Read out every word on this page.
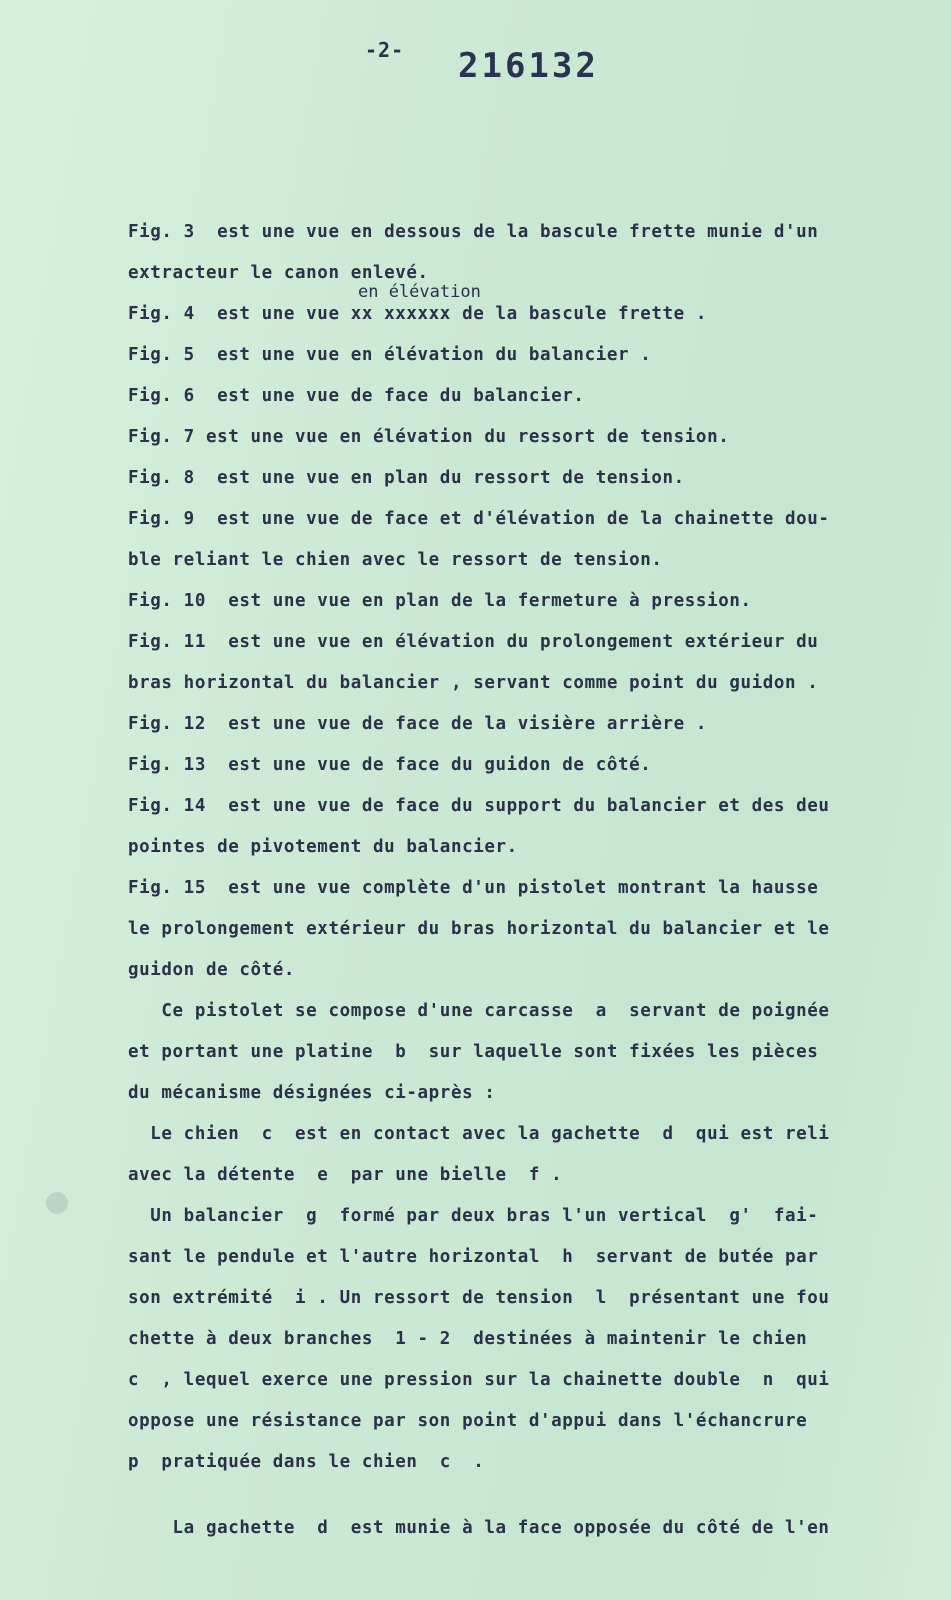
-2- 216132
en élévation
Fig. 3  est une vue en dessous de la bascule frette munie d'un
extracteur le canon enlevé.
Fig. 4  est une vue xx xxxxxx de la bascule frette .
Fig. 5  est une vue en élévation du balancier .
Fig. 6  est une vue de face du balancier.
Fig. 7 est une vue en élévation du ressort de tension.
Fig. 8  est une vue en plan du ressort de tension.
Fig. 9  est une vue de face et d'élévation de la chainette dou-
ble reliant le chien avec le ressort de tension.
Fig. 10  est une vue en plan de la fermeture à pression.
Fig. 11  est une vue en élévation du prolongement extérieur du
bras horizontal du balancier , servant comme point du guidon .
Fig. 12  est une vue de face de la visière arrière .
Fig. 13  est une vue de face du guidon de côté.
Fig. 14  est une vue de face du support du balancier et des deu
pointes de pivotement du balancier.
Fig. 15  est une vue complète d'un pistolet montrant la hausse
le prolongement extérieur du bras horizontal du balancier et le
guidon de côté.
Ce pistolet se compose d'une carcasse  a  servant de poignée
et portant une platine  b  sur laquelle sont fixées les pièces
du mécanisme désignées ci-après :
Le chien  c  est en contact avec la gachette  d  qui est reli
avec la détente  e  par une bielle  f .
Un balancier  g  formé par deux bras l'un vertical  g'  fai-
sant le pendule et l'autre horizontal  h  servant de butée par
son extrémité  i . Un ressort de tension  l  présentant une fou
chette à deux branches  1 - 2  destinées à maintenir le chien
c  , lequel exerce une pression sur la chainette double  n  qui
oppose une résistance par son point d'appui dans l'échancrure
p  pratiquée dans le chien  c  .
La gachette  d  est munie à la face opposée du côté de l'en
